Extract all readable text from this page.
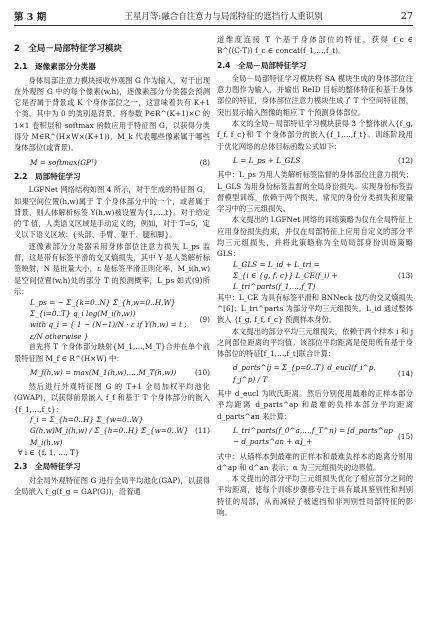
第 3 期	王星月等:融合自注意力与局部特征的遮挡行人重识别	27
2　全局－局部特征学习模块
2.1　逐像素部分分类器

身体局部注意力模块接收外观图 G 作为输入，对于出现在外观图 G 中的每个像素(w,h)，逐像素部分分类器会预测它是否属于背景或 K 个身体部位之一，这意味着共有 K+1 个类，其中为 0 的类别是背景。将参数 P∈R^(K+1)×C 的 1×1 卷积层和 softmax 函数应用于特征图 G，以获得分类得分 M∈R^(H×W×(K+1))，M_k 代表哪些像素属于哪些身体部位(或背景)。

M = softmax(GPᵀ)	(8)
2.2　局部特征学习

LGFNet 网络结构如图 4 所示，对于生成的特征图 G，如果空间位置(h,w)属于 T 个身体部分中的一个，或者属于背景，则人体解析标签 Y(h,w)被设置为{1,…,t}。对于给定的 T 值，人类语义区域是手动定义的，例如，对于 T=5，定义以下语义区域：{头部、手臂、躯干、腿和脚}。

逐像素部分分类器采用身体部位注意力损失 L_ps 监督，这是带有标签平滑的交叉熵损失，其中 Y 是人类解析标签映射，N 是批量大小，ε 是标签平滑正则化率，M_i(h,w)是空间位置(w,h)处的部分 T 的预测概率，L_ps 如式(9)所示：

L_ps = − Σ_{k=0..N} Σ_{h,w=0..H,W} Σ_{i=0..T} q_i log(M_i(h,w))
with q_i = { 1 − (N−1)/N · ε if Y(h,w) = t ; ε/N otherwise }
(9)

首先将 T 个身体部分映射{M_1,…,M_T}合并在单个前景特征图 M_f ∈ R^(H×W) 中：

M_f(h,w) = max(M_1(h,w),…,M_T(h,w))	(10)

然后进行外观特征图 G 的 T+1 全局加权平均池化(GWAP)，以获得前景嵌入 f_f 和基于 T 个身体部分的嵌入{f_1,…,f_t}：

f_i = Σ_{h=0..H} Σ_{w=0..W} G(h,w)M_i(h,w) / Σ_{h=0..H} Σ_{w=0..W} M_i(h,w)
(11)
∀ i ∈ {f, 1, …, T}
2.3　全局特征学习

对全局外观特征图 G 进行全局平均池化(GAP)，以获得全局嵌入 f_g(f_g = GAP(G))，沿着通

道维度连接 T 个基于身体部位的特征，获得 f_c ∈ R^((C·T)) f_c ∈ concat(f_1,…,f_t)。

2.4　全局－局部特征学习

全局－局部特征学习模块将 SA 模块生成的身体部位注意力图作为输入，并输出 ReID 目标的整体特征和基于身体部位的特征，身体部位注意力模块生成了 T 个空间特征图，突出显示输入图像的相应 T 个预测身体部位。

本文的全局－局部特征学习模块获得 3 个整体嵌入{f_g, f_f, f_c}和 T 个身体部分的嵌入{f_1,…,f_t}。训练阶段用于优化网络的总体目标函数公式如下：

L = L_ps + L_GLS	(12)

其中：L_ps 为用人类解析标签监督的身体部位注意力损失；L_GLS 为用身份标签监督的全局身份损失。实现身份标签监督模型训练，依赖于两个损失，常见的身份分类损失和度量学习中的三元组损失。

本文提出的 LGFNet 网络的训练策略为仅在全局特征上应用身份损失约束，并仅在局部特征上应用自定义的部分平均三元组损失，并将此策略称为全局局部身份训练策略 GLS：

L_GLS = L_id + L_tri =
Σ_{i ∈ {g, f, c}} L_CE(f_i) + L_tri^parts(f_1,…,f_T)
(13)

其中：L_CE 为具有标签平滑和 BNNeck 技巧的交叉熵损失^[6]；L_tri^parts 为部分平均三元组损失。L_id 通过整体嵌入 {f_g, f_f, f_c} 预测样本身份。

本文提出的部分平均三元组损失，依赖于两个样本 i 和 j 之间部位距离的平均值。该部位平均距离是使用所有基于身体部位的特征[f_1,…,f_t]联合计算：

d_parts^ij = Σ_{p=0..T} d_eucl(f_i^p, f_j^p) / T
(14)

其中 d_eucl 为欧氏距离。然后分别使用最难的正样本部分平均距离 d_parts^ap 和最难的负样本部分平均距离 d_parts^an 来计算：

L_tri^parts(f_0^a,…,f_T^n) = [d_parts^ap − d_parts^an + α]_+
(15)

式中：从锚样本到最难的正样本和最难负样本的距离分别用 d^ap 和 d^an 表示；α 为三元组损失的边界值。

本文提出的部分平均三元组损失优化了相应部分之间的平均距离，使每个训练步骤都专注于具有最具鉴别性和判别特征的局部，从而减轻了被遮挡和非判别性局部特征的影响。
